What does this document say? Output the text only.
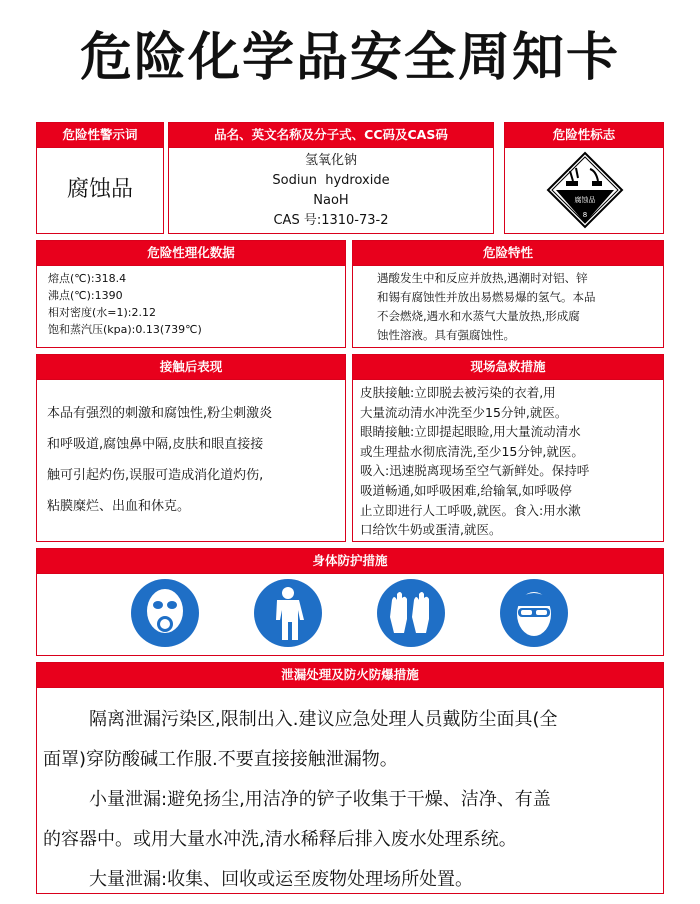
危险化学品安全周知卡
危险性警示词
腐蚀品
品名、英文名称及分子式、CC码及CAS码
氢氧化钠
Sodiun  hydroxide
NaoH
CAS 号:1310-73-2
危险性标志
腐蚀品
8
危险性理化数据
熔点(℃):318.4
沸点(℃):1390
相对密度(水=1):2.12
饱和蒸汽压(kpa):0.13(739℃)
危险特性
遇酸发生中和反应并放热,遇潮时对铝、锌
和锡有腐蚀性并放出易燃易爆的氢气。本品
不会燃烧,遇水和水蒸气大量放热,形成腐
蚀性溶液。具有强腐蚀性。
接触后表现
本品有强烈的刺激和腐蚀性,粉尘刺激炎
和呼吸道,腐蚀鼻中隔,皮肤和眼直接接
触可引起灼伤,误服可造成消化道灼伤,
粘膜糜烂、出血和休克。
现场急救措施
皮肤接触:立即脱去被污染的衣着,用
大量流动清水冲洗至少15分钟,就医。
眼睛接触:立即提起眼睑,用大量流动清水
或生理盐水彻底清洗,至少15分钟,就医。
吸入:迅速脱离现场至空气新鲜处。保持呼
吸道畅通,如呼吸困难,给输氧,如呼吸停
止立即进行人工呼吸,就医。食入:用水漱
口给饮牛奶或蛋清,就医。
身体防护措施
泄漏处理及防火防爆措施
隔离泄漏污染区,限制出入.建议应急处理人员戴防尘面具(全
面罩)穿防酸碱工作服.不要直接接触泄漏物。
小量泄漏:避免扬尘,用洁净的铲子收集于干燥、洁净、有盖
的容器中。或用大量水冲洗,清水稀释后排入废水处理系统。
大量泄漏:收集、回收或运至废物处理场所处置。
